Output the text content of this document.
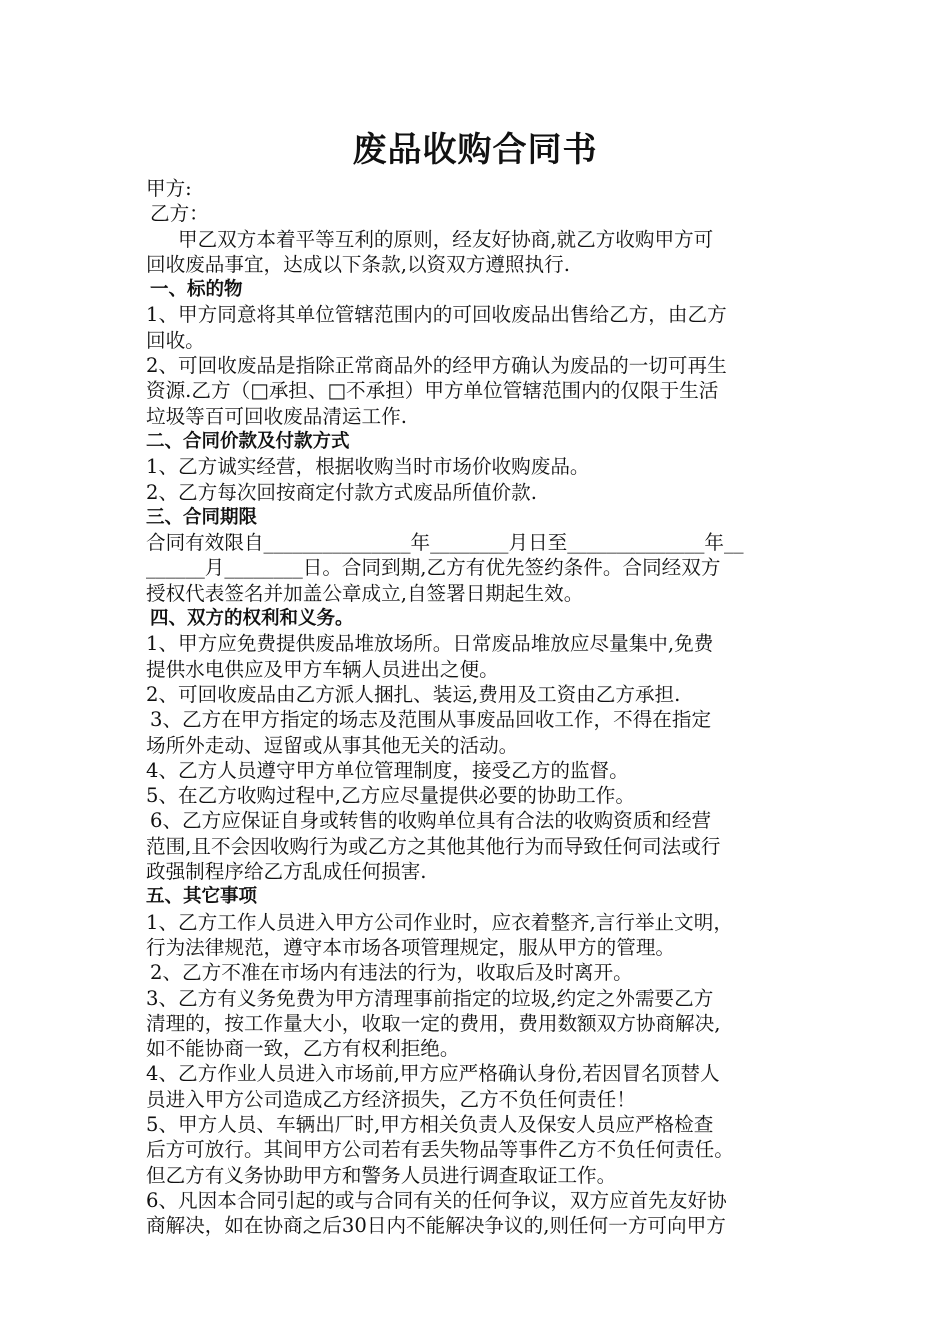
废品收购合同书
甲方:
乙方：
甲乙双方本着平等互利的原则，经友好协商,就乙方收购甲方可
回收废品事宜，达成以下条款,以资双方遵照执行.
一、标的物
1、甲方同意将其单位管辖范围内的可回收废品出售给乙方，由乙方
回收。
2、可回收废品是指除正常商品外的经甲方确认为废品的一切可再生
资源.乙方（□承担、□不承担）甲方单位管辖范围内的仅限于生活
垃圾等百可回收废品清运工作.
二、合同价款及付款方式
1、乙方诚实经营，根据收购当时市场价收购废品。
2、乙方每次回按商定付款方式废品所值价款.
三、合同期限
合同有效限自_______________年________月日至______________年__
______月________日。合同到期,乙方有优先签约条件。合同经双方
授权代表签名并加盖公章成立,自签署日期起生效。
四、双方的权利和义务。
1、甲方应免费提供废品堆放场所。日常废品堆放应尽量集中,免费
提供水电供应及甲方车辆人员进出之便。
2、可回收废品由乙方派人捆扎、装运,费用及工资由乙方承担.
3、乙方在甲方指定的场志及范围从事废品回收工作，不得在指定
场所外走动、逗留或从事其他无关的活动。
4、乙方人员遵守甲方单位管理制度，接受乙方的监督。
5、在乙方收购过程中,乙方应尽量提供必要的协助工作。
6、乙方应保证自身或转售的收购单位具有合法的收购资质和经营
范围,且不会因收购行为或乙方之其他其他行为而导致任何司法或行
政强制程序给乙方乱成任何损害.
五、其它事项
1、乙方工作人员进入甲方公司作业时，应衣着整齐,言行举止文明，
行为法律规范，遵守本市场各项管理规定，服从甲方的管理。
2、乙方不准在市场内有违法的行为，收取后及时离开。
3、乙方有义务免费为甲方清理事前指定的垃圾,约定之外需要乙方
清理的，按工作量大小，收取一定的费用，费用数额双方协商解决,
如不能协商一致，乙方有权利拒绝。
4、乙方作业人员进入市场前,甲方应严格确认身份,若因冒名顶替人
员进入甲方公司造成乙方经济损失，乙方不负任何责任！
5、甲方人员、车辆出厂时,甲方相关负责人及保安人员应严格检查
后方可放行。其间甲方公司若有丢失物品等事件乙方不负任何责任。
但乙方有义务协助甲方和警务人员进行调查取证工作。
6、凡因本合同引起的或与合同有关的任何争议，双方应首先友好协
商解决，如在协商之后30日内不能解决争议的,则任何一方可向甲方
